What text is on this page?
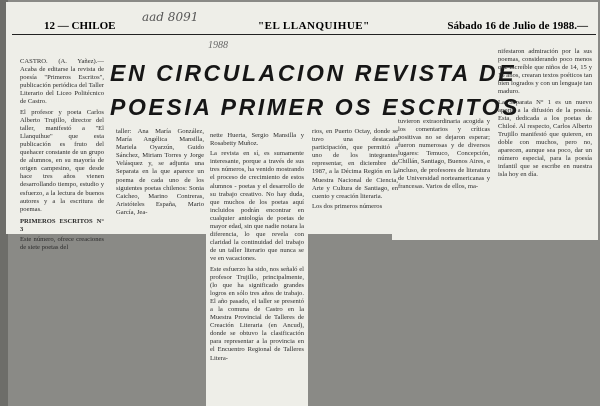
12 — CHILOE
aad 8091
"EL LLANQUIHUE"	Sábado 16 de Julio de 1988.—
1988
EN CIRCULACION REVISTA DE
POESIA PRIMER OS ESCRITOS

CASTRO. (A. Yañez).— Acaba de editarse la revista de poesía "Primeros Escritos", publicación periódica del Taller Literario del Liceo Politécnico de Castro.

El profesor y poeta Carlos Alberto Trujillo, director del taller, manifestó a "El Llanquihue" que esta publicación es fruto del quehacer constante de un grupo de alumnos, en su mayoría de origen campesino, que desde hace tres años vienen desarrollando tiempo, estudio y esfuerzo, a la lectura de buenos autores y a la escritura de poemas.

PRIMEROS ESCRITOS N° 3

Este número, ofrece creaciones de siete poetas del

taller: Ana María González, María Angélica Mansilla, Mariela Oyarzún, Guido Sánchez, Miriam Torres y Jorge Velásquez y, se adjunta una Separata en la que aparece un poema de cada uno de los siguientes poetas chilenos: Sonia Caicheo, Marino Contreras, Aristóteles España, Mario García, Jea-

nette Huerta, Sergio Mansilla y Rosabetty Muñoz.

La revista en sí, es sumamente interesante, porque a través de sus tres números, ha venido mostrando el proceso de crecimiento de estos alumnos - poetas y el desarrollo de su trabajo creativo. No hay duda, que muchos de los poetas aquí incluidos podrán encontrar en cualquier antología de poetas de mayor edad, sin que nadie notara la diferencia, lo que revela con claridad la continuidad del trabajo de un taller literario que nunca se ve en vacaciones.

Este esfuerzo ha sido, nos señaló el profesor Trujillo, principalmente, (lo que ha significado grandes logros en sólo tres años de trabajo. El año pasado, el taller se presentó a la comuna de Castro en la Muestra Provincial de Talleres de Creación Literaria (en Ancud), donde se obtuvo la clasificación para representar a la provincia en el Encuentro Regional de Talleres Litera-

rios, en Puerto Octay, donde se tuvo una destacada participación, que permitió a uno de los integrantes representar, en diciembre de 1987, a la Décima Región en la Muestra Nacional de Ciencia, Arte y Cultura de Santiago, en cuento y creación literaria.

Los dos primeros números

tuvieron extraordinaria acogida y los comentarios y críticas positivas no se dejaron esperar; fueron numerosas y de diversos lugares: Temuco, Concepción, Chillán, Santiago, Buenos Aires, e incluso, de profesores de literatura de Universidad norteamericanas y francesas. Varios de ellos, ma-

nifestaron admiración por la sus poemas, considerando poco menos que increíble que niños de 14, 15 y 16 años, crearan textos poéticos tan bien logrados y con un lenguaje tan maduro.

La Separata N° 1 es un nuevo aporte a la difusión de la poesía. Esta, dedicada a los poetas de Chiloé. Al respecto, Carlos Alberto Trujillo manifestó que quieren, en doble con muchos, pero no, aparecen, aunque sea poco, dar un número especial, para la poesía infantil que se escribe en nuestra isla hoy en día.
